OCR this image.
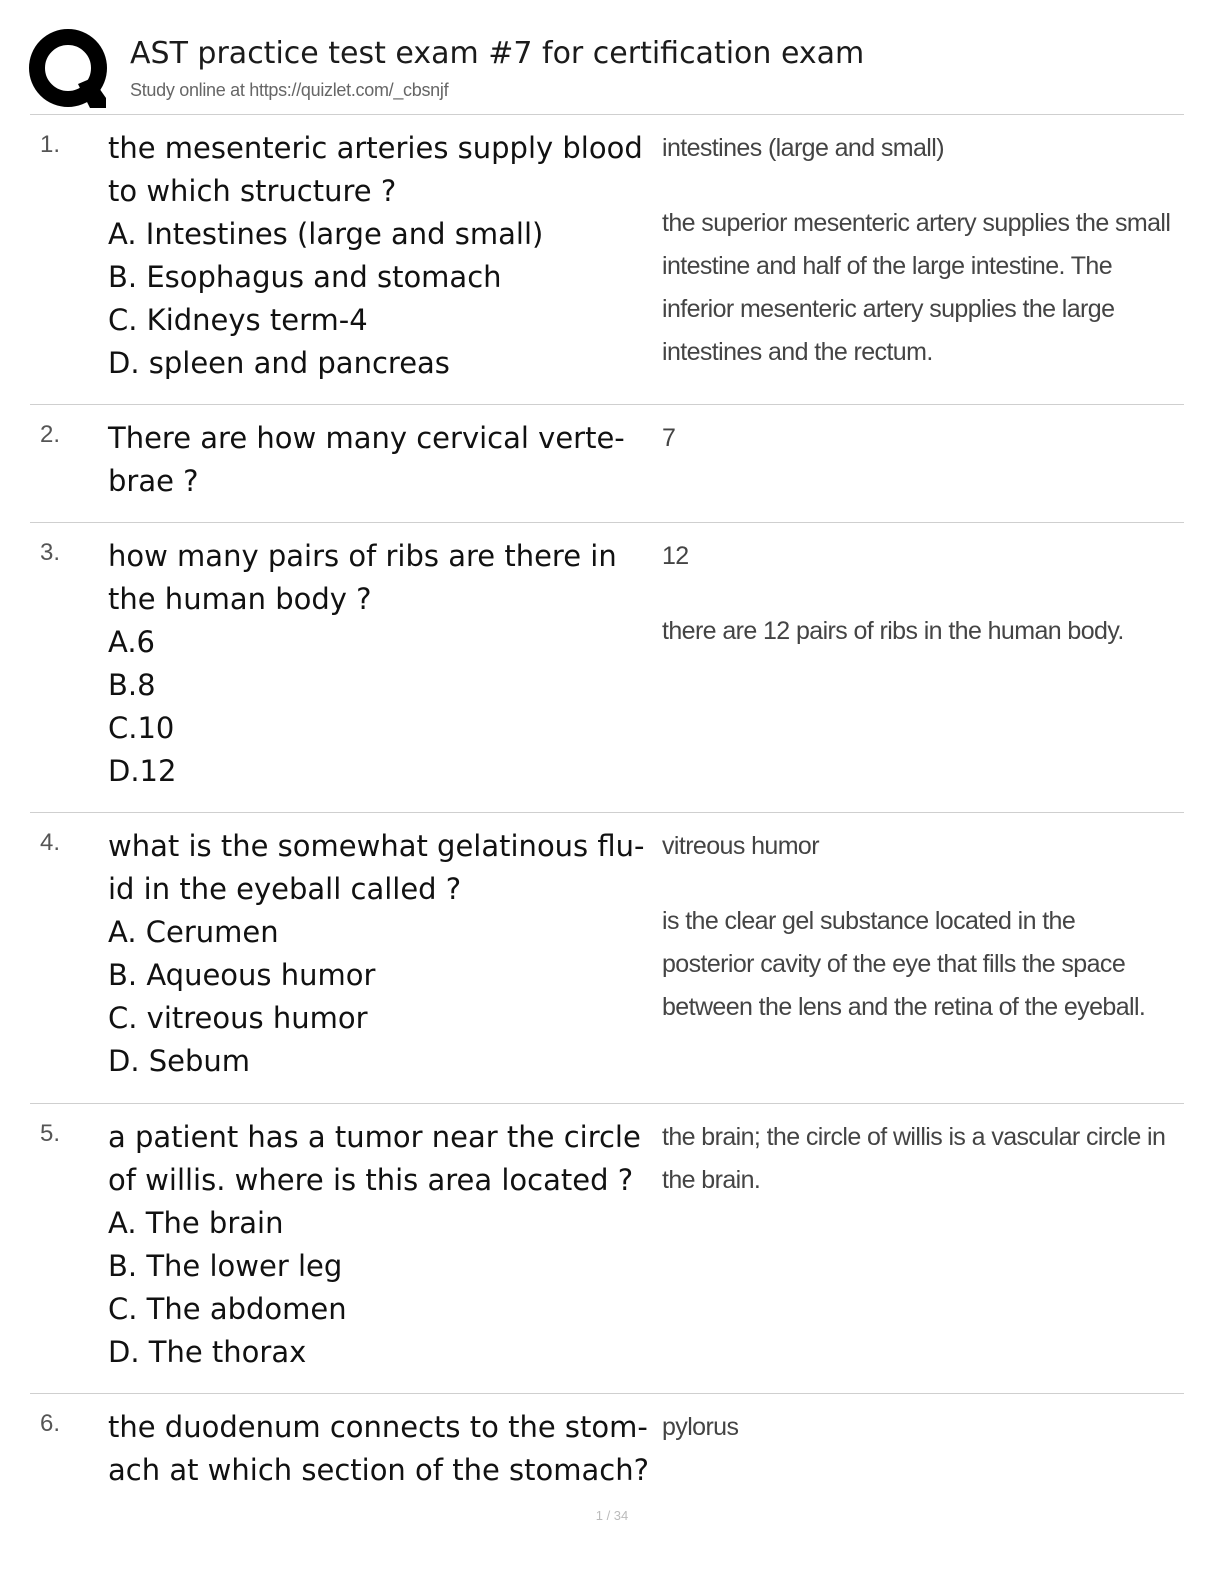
AST practice test exam #7 for certification exam
Study online at https://quizlet.com/_cbsnjf
1. the mesenteric arteries supply blood
to which structure ?
A. Intestines (large and small)
B. Esophagus and stomach
C. Kidneys term-4
D. spleen and pancreas
intestines (large and small)
the superior mesenteric artery supplies the small intestine and half of the large intestine. The inferior mesenteric artery supplies the large intestines and the rectum.
2. There are how many cervical verte-
brae ?
7
3. how many pairs of ribs are there in
the human body ?
A.6
B.8
C.10
D.12
12
there are 12 pairs of ribs in the human body.
4. what is the somewhat gelatinous flu-
id in the eyeball called ?
A. Cerumen
B. Aqueous humor
C. vitreous humor
D. Sebum
vitreous humor
is the clear gel substance located in the posterior cavity of the eye that fills the space between the lens and the retina of the eyeball.
5. a patient has a tumor near the circle
of willis. where is this area located ?
A. The brain
B. The lower leg
C. The abdomen
D. The thorax
the brain; the circle of willis is a vascular circle in the brain.
6. the duodenum connects to the stom-
ach at which section of the stomach?
pylorus
1 / 34
